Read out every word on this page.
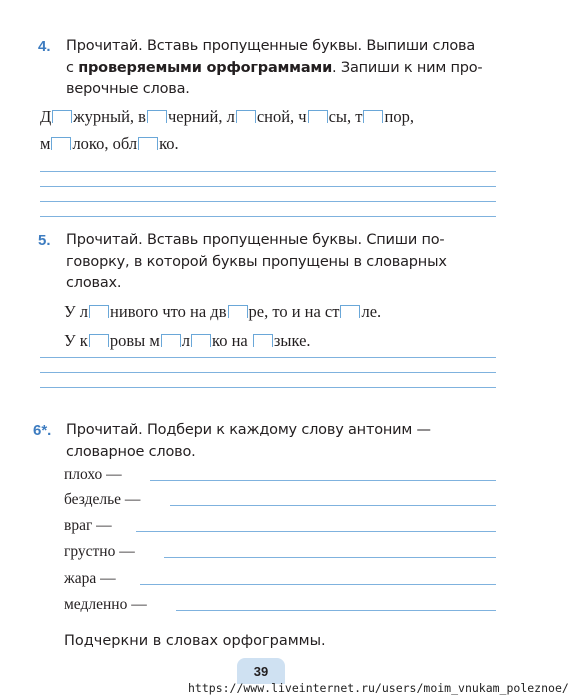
4. Прочитай. Вставь пропущенные буквы. Выпиши слова
с проверяемыми орфограммами. Запиши к ним про-
верочные слова.
Д журный, в черний, л сной, ч сы, т пор,
м локо, обл ко.
5. Прочитай. Вставь пропущенные буквы. Спиши по-
говорку, в которой буквы пропущены в словарных
словах.
У л нивого что на дв ре, то и на ст ле.
У к ровы м л ко на зыке.
6*. Прочитай. Подбери к каждому слову антоним —
словарное слово.
плохо —
безделье —
враг —
грустно —
жара —
медленно —
Подчеркни в словах орфограммы.
39
https://www.liveinternet.ru/users/moim_vnukam_poleznoe/
